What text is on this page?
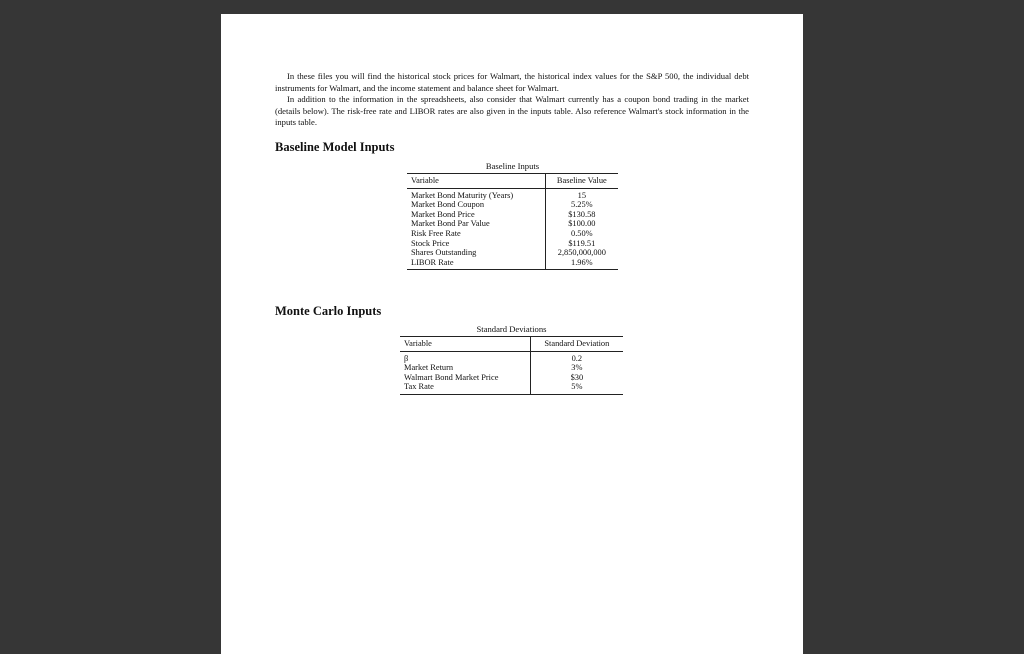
In these files you will find the historical stock prices for Walmart, the historical index values for the S&P 500, the individual debt instruments for Walmart, and the income statement and balance sheet for Walmart.

In addition to the information in the spreadsheets, also consider that Walmart currently has a coupon bond trading in the market (details below). The risk-free rate and LIBOR rates are also given in the inputs table. Also reference Walmart's stock information in the inputs table.

Baseline Model Inputs
Baseline Inputs
Variable	Baseline Value
Market Bond Maturity (Years)	15
Market Bond Coupon	5.25%
Market Bond Price	$130.58
Market Bond Par Value	$100.00
Risk Free Rate	0.50%
Stock Price	$119.51
Shares Outstanding	2,850,000,000
LIBOR Rate	1.96%
Monte Carlo Inputs
Standard Deviations
Variable	Standard Deviation
β	0.2
Market Return	3%
Walmart Bond Market Price	$30
Tax Rate	5%
